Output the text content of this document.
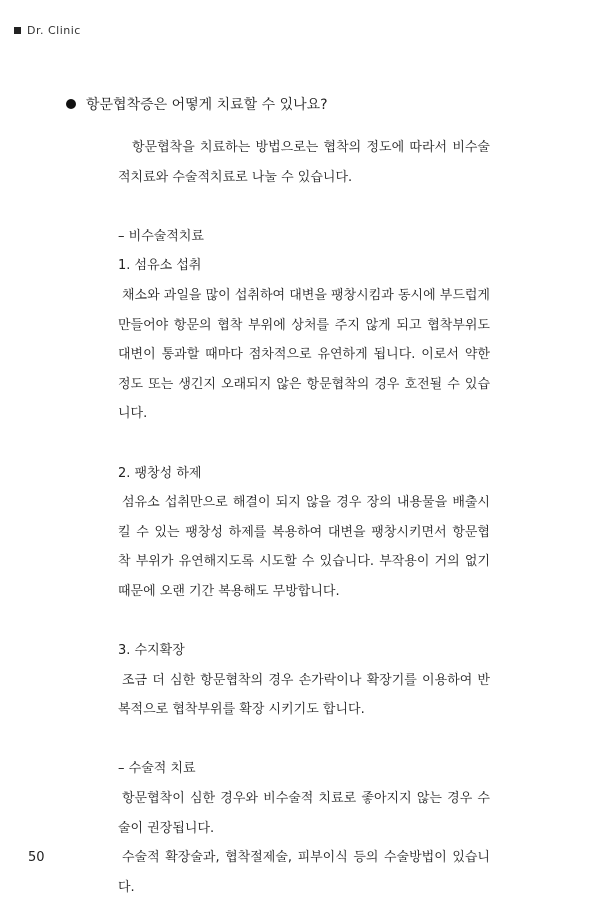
Dr. Clinic
항문협착증은 어떻게 치료할 수 있나요?

항문협착을 치료하는 방법으로는 협착의 정도에 따라서 비수술적치료와 수술적치료로 나눌 수 있습니다.

– 비수술적치료

1. 섬유소 섭취

채소와 과일을 많이 섭취하여 대변을 팽창시킴과 동시에 부드럽게 만들어야 항문의 협착 부위에 상처를 주지 않게 되고 협착부위도 대변이 통과할 때마다 점차적으로 유연하게 됩니다. 이로서 약한 정도 또는 생긴지 오래되지 않은 항문협착의 경우 호전될 수 있습니다.

2. 팽창성 하제

섬유소 섭취만으로 해결이 되지 않을 경우 장의 내용물을 배출시킬 수 있는 팽창성 하제를 복용하여 대변을 팽창시키면서 항문협착 부위가 유연해지도록 시도할 수 있습니다. 부작용이 거의 없기 때문에 오랜 기간 복용해도 무방합니다.

3. 수지확장

조금 더 심한 항문협착의 경우 손가락이나 확장기를 이용하여 반복적으로 협착부위를 확장 시키기도 합니다.

– 수술적 치료

항문협착이 심한 경우와 비수술적 치료로 좋아지지 않는 경우 수술이 권장됩니다.

수술적 확장술과, 협착절제술, 피부이식 등의 수술방법이 있습니다.

50
